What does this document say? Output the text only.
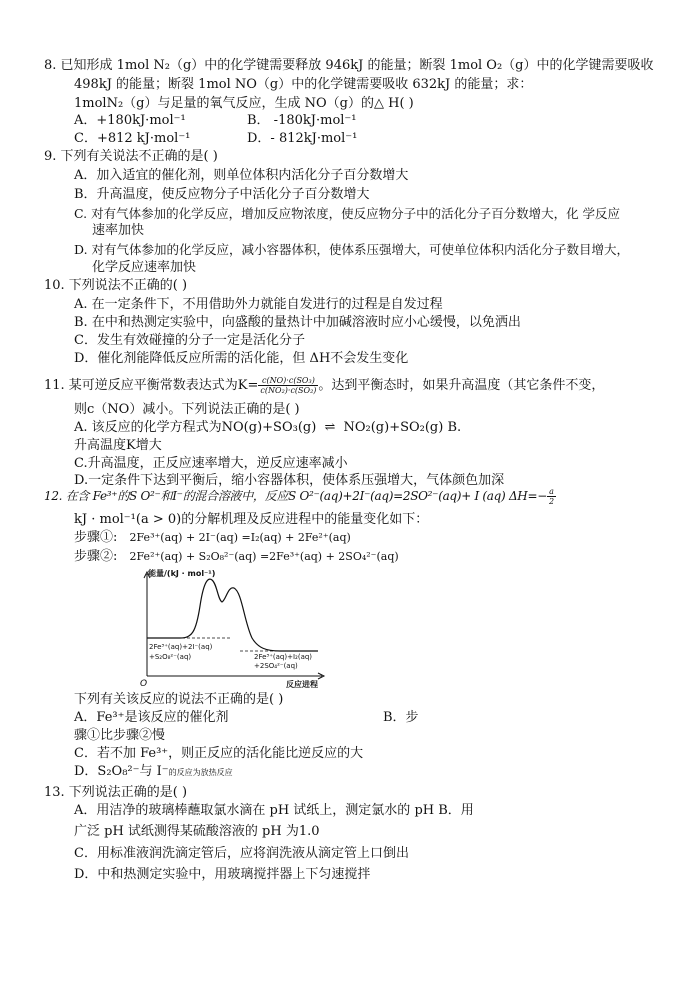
8. 已知形成 1mol N₂（g）中的化学键需要释放 946kJ 的能量；断裂 1mol O₂（g）中的化学键需要吸收
498kJ 的能量；断裂 1mol NO（g）中的化学键需要吸收 632kJ 的能量；求：
1molN₂（g）与足量的氧气反应，生成 NO（g）的△ H( )
A．+180kJ·mol⁻¹	B． -180kJ·mol⁻¹
C．+812 kJ·mol⁻¹	D．- 812kJ·mol⁻¹
9. 下列有关说法不正确的是( )
A．加入适宜的催化剂，则单位体积内活化分子百分数增大
B．升高温度，使反应物分子中活化分子百分数增大
C. 对有气体参加的化学反应，增加反应物浓度，使反应物分子中的活化分子百分数增大，化 学反应
速率加快
D. 对有气体参加的化学反应，减小容器体积，使体系压强增大，可使单位体积内活化分子数目增大，
化学反应速率加快
10. 下列说法不正确的( )
A. 在一定条件下，不用借助外力就能自发进行的过程是自发过程
B. 在中和热测定实验中，向盛酸的量热计中加碱溶液时应小心缓慢，以免洒出
C．发生有效碰撞的分子一定是活化分子
D．催化剂能降低反应所需的活化能，但 ΔH不会发生变化
11. 某可逆反应平衡常数表达式为$K= \frac{\text{c(NO)·c(SO₃)}}{\text{c(NO₂)·c(SO₂)}}$ 。达到平衡态时，如果升高温度（其它条件不变，
则c（NO）减小。下列说法正确的是( )
A. 该反应的化学方程式为NO(g)+SO₃(g) ⇌ NO₂(g)+SO₂(g) B.
升高温度K增大
C.升高温度，正反应速率增大，逆反应速率减小
D.一定条件下达到平衡后，缩小容器体积，使体系压强增大，气体颜色加深
12. 在含 Fe³⁺的S O²⁻和I⁻的混合溶液中，反应S O²⁻(aq)+2I⁻(aq)=2SO²⁻(aq)+ I (aq) $\Delta H=- \frac{a}{2}$
kJ · mol⁻¹(a > 0)的分解机理及反应进程中的能量变化如下：
步骤①: 2Fe³⁺(aq) + 2I⁻(aq) =I₂(aq) + 2Fe²⁺(aq)
步骤②: 2Fe²⁺(aq) + S₂O₈²⁻(aq) =2Fe³⁺(aq) + 2SO₄²⁻(aq)
能量/(kJ · mol⁻¹)
2Fe³⁺(aq)+2I⁻(aq)
+S₂O₈²⁻(aq)	2Fe³⁺(aq)+I₂(aq)
+2SO₄²⁻(aq)
O	反应进程
下列有关该反应的说法不正确的是( )
A．Fe³⁺是该反应的催化剂	B．步
骤①比步骤②慢
C．若不加 Fe³⁺，则正反应的活化能比逆反应的大
D．S₂O₈²⁻与 I⁻的反应为放热反应
13. 下列说法正确的是( )
A．用洁净的玻璃棒蘸取氯水滴在 pH 试纸上，测定氯水的 pH B．用
广泛 pH 试纸测得某硫酸溶液的 pH 为1.0
C．用标准液润洗滴定管后，应将润洗液从滴定管上口倒出
D．中和热测定实验中，用玻璃搅拌器上下匀速搅拌
